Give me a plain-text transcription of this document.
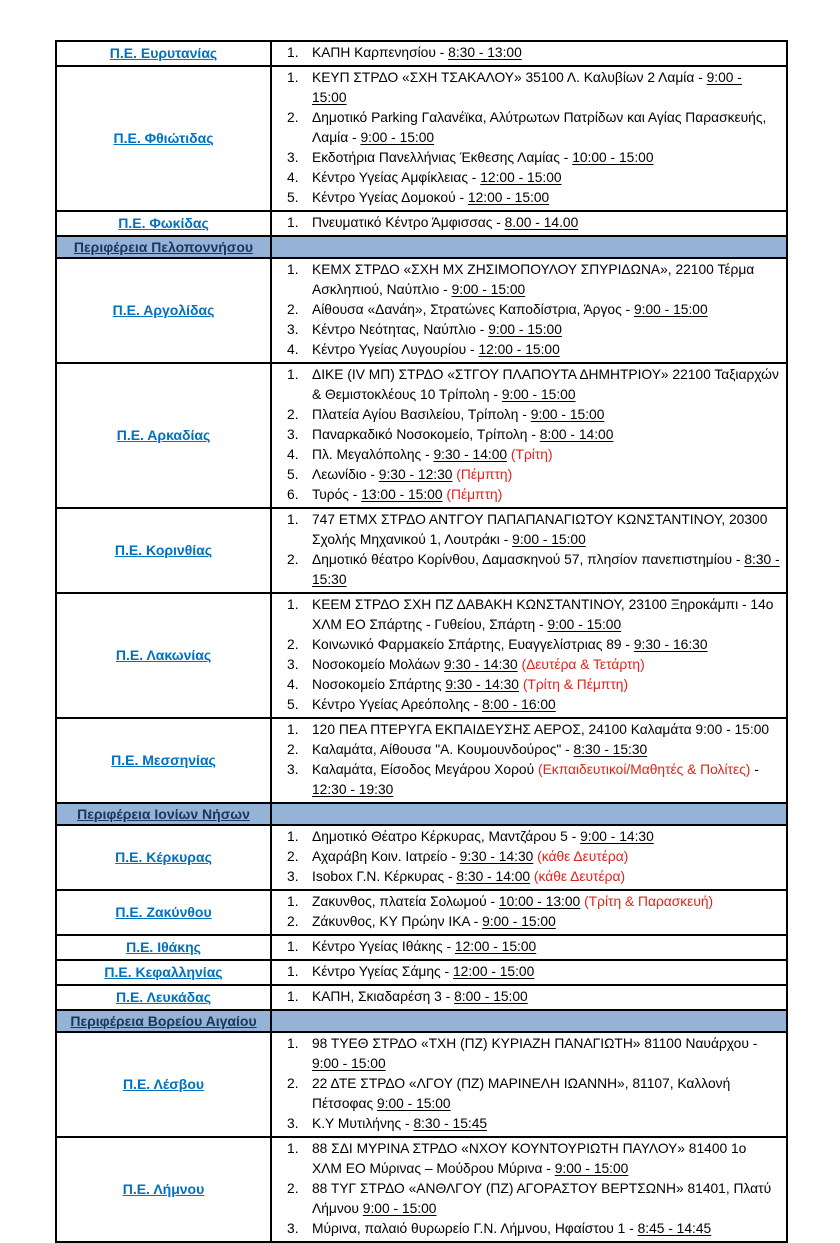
Π.Ε. Ευρυτανίας	ΚΑΠΗ Καρπενησίου - 8:30 - 13:00

Π.Ε. Φθιώτιδας	
ΚΕΥΠ ΣΤΡΔΟ «ΣΧΗ ΤΣΑΚΑΛΟΥ» 35100 Λ. Καλυβίων 2 Λαμία - 9:00 - 15:00
Δημοτικό Parking Γαλανέϊκα, Αλύτρωτων Πατρίδων και Αγίας Παρασκευής, Λαμία - 9:00 - 15:00
Εκδοτήρια Πανελλήνιας Έκθεσης Λαμίας - 10:00 - 15:00
Κέντρο Υγείας Αμφίκλειας - 12:00 - 15:00
Κέντρο Υγείας Δομοκού - 12:00 - 15:00

Π.Ε. Φωκίδας	Πνευματικό Κέντρο Άμφισσας - 8.00 - 14.00

Περιφέρεια Πελοποννήσου	

Π.Ε. Αργολίδας	
ΚΕΜΧ ΣΤΡΔΟ «ΣΧΗ ΜΧ ΖΗΣΙΜΟΠΟΥΛΟΥ ΣΠΥΡΙΔΩΝΑ», 22100 Τέρμα Ασκληπιού, Ναύπλιο - 9:00 - 15:00
Αίθουσα «Δανάη», Στρατώνες Καποδίστρια, Άργος - 9:00 - 15:00
Κέντρο Νεότητας, Ναύπλιο - 9:00 - 15:00
Κέντρο Υγείας Λυγουρίου - 12:00 - 15:00

Π.Ε. Αρκαδίας	
ΔΙΚΕ (IV ΜΠ) ΣΤΡΔΟ «ΣΤΓΟΥ ΠΛΑΠΟΥΤΑ ΔΗΜΗΤΡΙΟΥ» 22100 Ταξιαρχών & Θεμιστοκλέους 10 Τρίπολη - 9:00 - 15:00
Πλατεία Αγίου Βασιλείου, Τρίπολη - 9:00 - 15:00
Παναρκαδικό Νοσοκομείο, Τρίπολη - 8:00 - 14:00
Πλ. Μεγαλόπολης - 9:30 - 14:00 (Τρίτη)
Λεωνίδιο - 9:30 - 12:30 (Πέμπτη)
Τυρός - 13:00 - 15:00 (Πέμπτη)

Π.Ε. Κορινθίας	
747 ΕΤΜΧ ΣΤΡΔΟ ΑΝΤΓΟΥ ΠΑΠΑΠΑΝΑΓΙΩΤΟΥ ΚΩΝΣΤΑΝΤΙΝΟΥ, 20300 Σχολής Μηχανικού 1, Λουτράκι - 9:00 - 15:00
Δημοτικό θέατρο Κορίνθου, Δαμασκηνού 57, πλησίον πανεπιστημίου - 8:30 - 15:30

Π.Ε. Λακωνίας	
ΚΕΕΜ ΣΤΡΔΟ ΣΧΗ ΠΖ ΔΑΒΑΚΗ ΚΩΝΣΤΑΝΤΙΝΟΥ, 23100 Ξηροκάμπι - 14ο ΧΛΜ ΕΟ Σπάρτης - Γυθείου, Σπάρτη - 9:00 - 15:00
Κοινωνικό Φαρμακείο Σπάρτης, Ευαγγελίστριας 89 - 9:30 - 16:30
Νοσοκομείο Μολάων 9:30 - 14:30 (Δευτέρα & Τετάρτη)
Νοσοκομείο Σπάρτης 9:30 - 14:30 (Τρίτη & Πέμπτη)
Κέντρο Υγείας Αρεόπολης - 8:00 - 16:00

Π.Ε. Μεσσηνίας	
120 ΠΕΑ ΠΤΕΡΥΓΑ ΕΚΠΑΙΔΕΥΣΗΣ ΑΕΡΟΣ, 24100 Καλαμάτα 9:00 - 15:00
Καλαμάτα, Αίθουσα "Α. Κουμουνδούρος" - 8:30 - 15:30
Καλαμάτα, Είσοδος Μεγάρου Χορού (Εκπαιδευτικοί/Μαθητές & Πολίτες) - 12:30 - 19:30

Περιφέρεια Ιονίων Νήσων	

Π.Ε. Κέρκυρας	
Δημοτικό Θέατρο Κέρκυρας, Μαντζάρου 5 - 9:00 - 14:30
Αχαράβη Κοιν. Ιατρείο - 9:30 - 14:30 (κάθε Δευτέρα)
Isobox Γ.Ν. Κέρκυρας - 8:30 - 14:00 (κάθε Δευτέρα)

Π.Ε. Ζακύνθου	
Ζακυνθος, πλατεία Σολωμού - 10:00 - 13:00 (Τρίτη & Παρασκευή)
Ζάκυνθος, ΚΥ Πρώην ΙΚΑ - 9:00 - 15:00

Π.Ε. Ιθάκης	Κέντρο Υγείας Ιθάκης - 12:00 - 15:00

Π.Ε. Κεφαλληνίας	Κέντρο Υγείας Σάμης - 12:00 - 15:00

Π.Ε. Λευκάδας	ΚΑΠΗ, Σκιαδαρέση 3 - 8:00 - 15:00

Περιφέρεια Βορείου Αιγαίου	

Π.Ε. Λέσβου	
98 ΤΥΕΘ ΣΤΡΔΟ «ΤΧΗ (ΠΖ) ΚΥΡΙΑΖΗ ΠΑΝΑΓΙΩΤΗ» 81100 Ναυάρχου - 9:00 - 15:00
22 ΔΤΕ ΣΤΡΔΟ «ΛΓΟΥ (ΠΖ) ΜΑΡΙΝΕΛΗ ΙΩΑΝΝΗ», 81107, Καλλονή Πέτσοφας 9:00 - 15:00
Κ.Υ Μυτιλήνης - 8:30 - 15:45

Π.Ε. Λήμνου	
88 ΣΔΙ ΜΥΡΙΝΑ ΣΤΡΔΟ «ΝΧΟΥ ΚΟΥΝΤΟΥΡΙΩΤΗ ΠΑΥΛΟΥ» 81400 1ο ΧΛΜ ΕΟ Μύρινας – Μούδρου Μύρινα - 9:00 - 15:00
88 ΤΥΓ ΣΤΡΔΟ «ΑΝΘΛΓΟΥ (ΠΖ) ΑΓΟΡΑΣΤΟΥ ΒΕΡΤΣΩΝΗ» 81401, Πλατύ Λήμνου 9:00 - 15:00
Μύρινα, παλαιό θυρωρείο Γ.Ν. Λήμνου, Ηφαίστου 1 - 8:45 - 14:45
